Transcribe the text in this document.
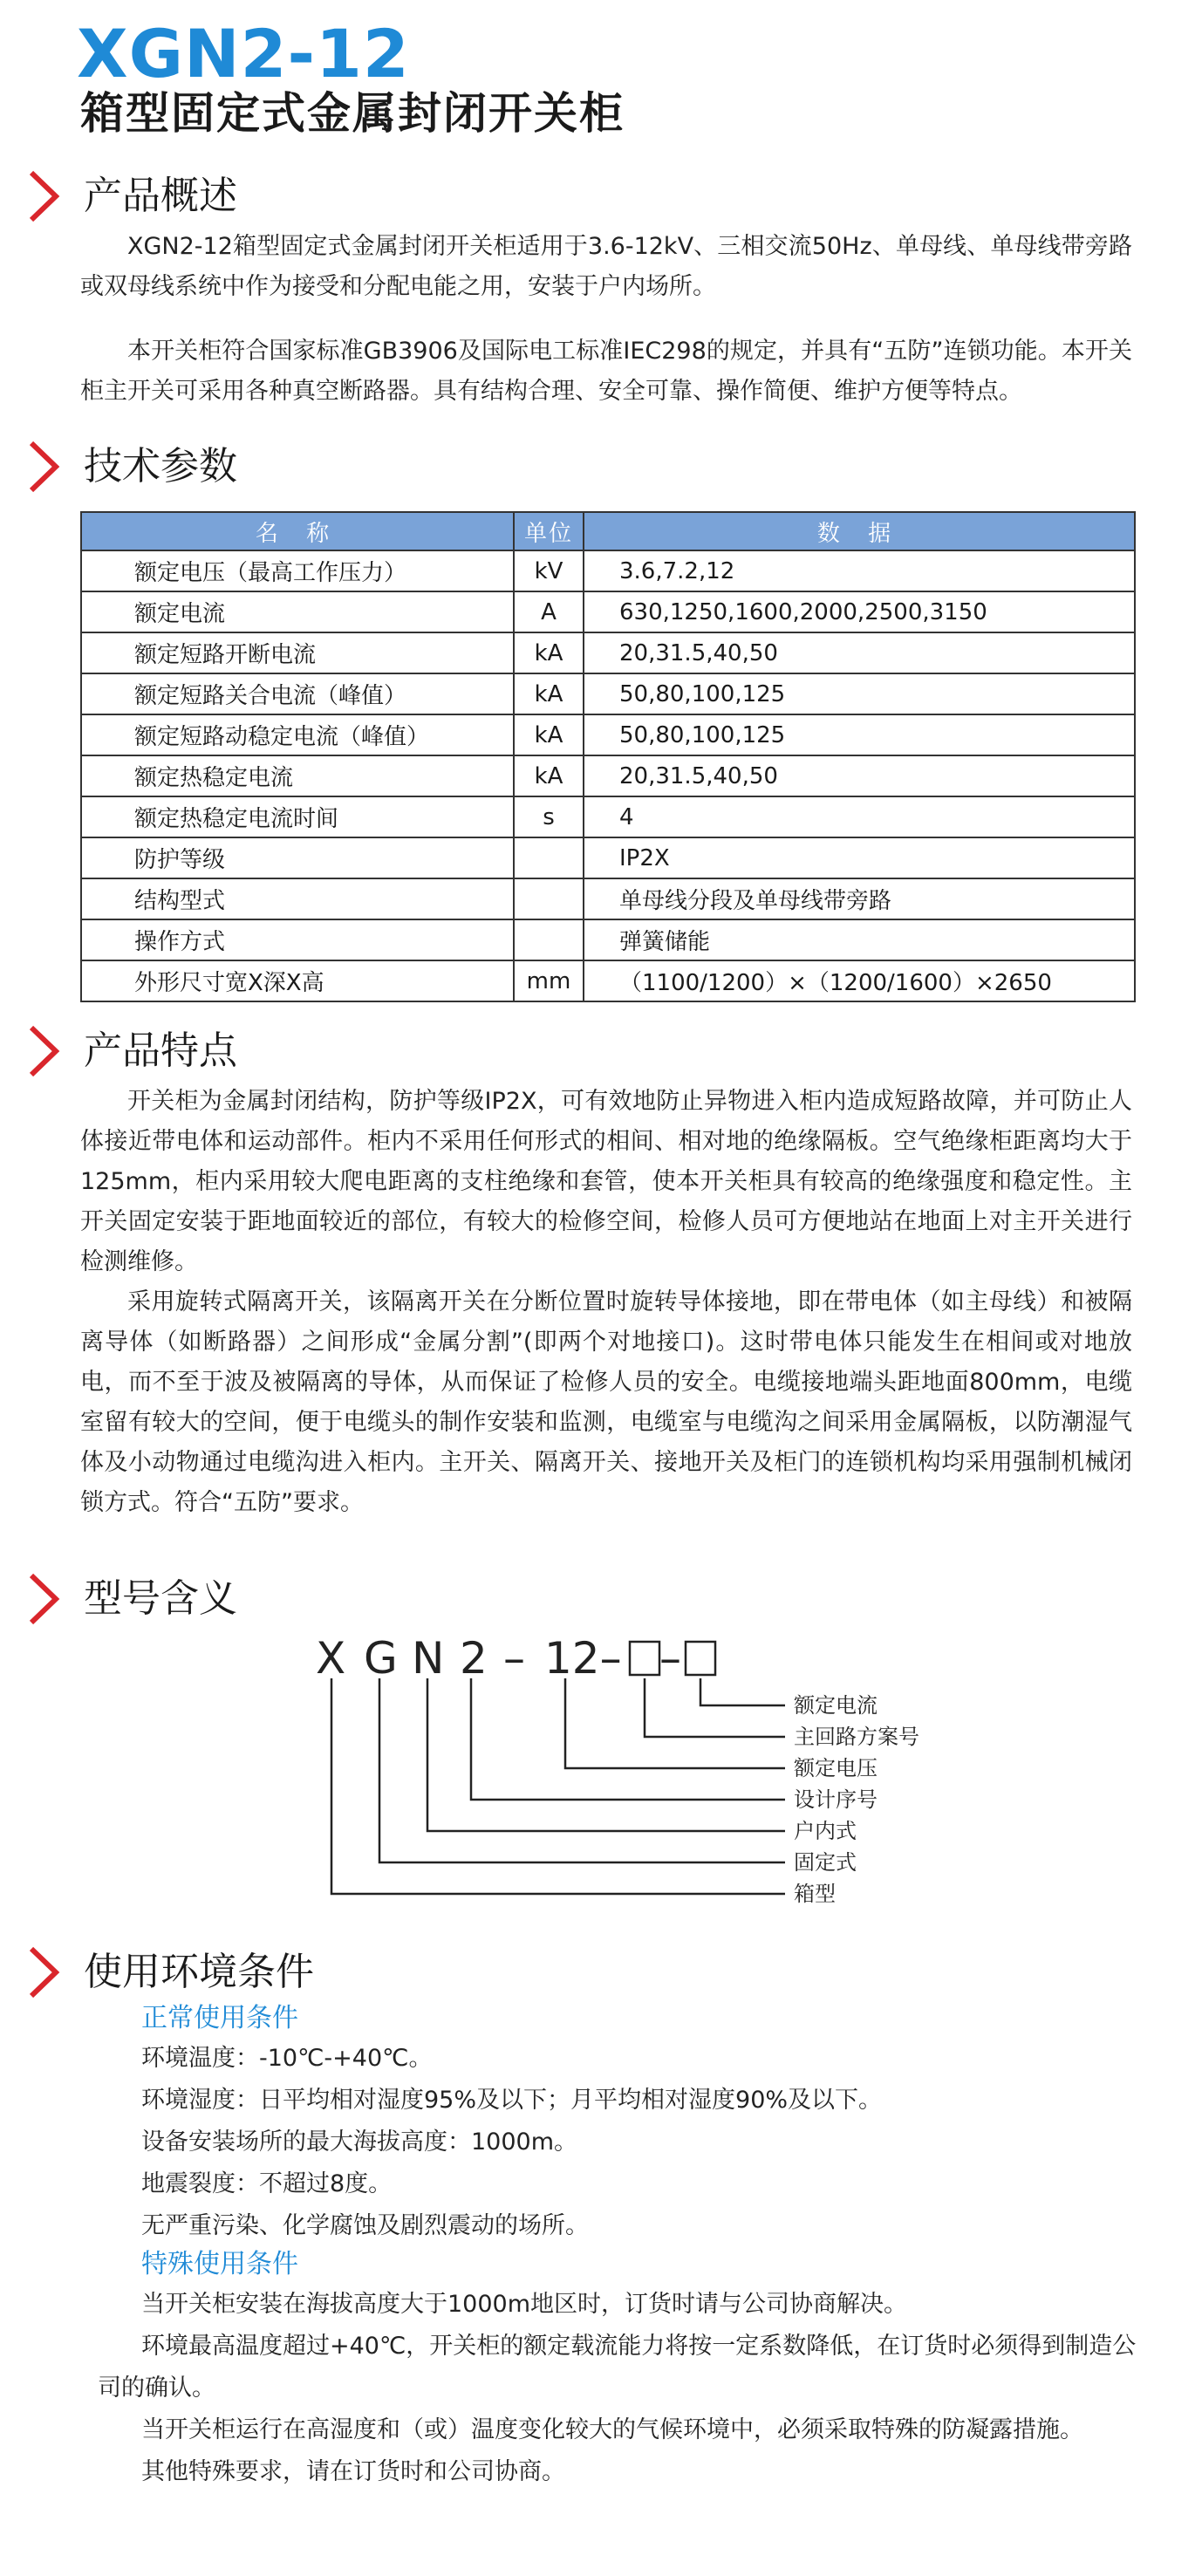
XGN2-12
箱型固定式金属封闭开关柜
产品概述
XGN2-12箱型固定式金属封闭开关柜适用于3.6-12kV、三相交流50Hz、单母线、单母线带旁路或双母线系统中作为接受和分配电能之用，安装于户内场所。
本开关柜符合国家标准GB3906及国际电工标准IEC298的规定，并具有“五防”连锁功能。本开关柜主开关可采用各种真空断路器。具有结构合理、安全可靠、操作简便、维护方便等特点。
技术参数
名 称	单位	数 据
额定电压（最高工作压力）	kV	3.6,7.2,12
额定电流	A	630,1250,1600,2000,2500,3150
额定短路开断电流	kA	20,31.5,40,50
额定短路关合电流（峰值）	kA	50,80,100,125
额定短路动稳定电流（峰值）	kA	50,80,100,125
额定热稳定电流	kA	20,31.5,40,50
额定热稳定电流时间	s	4
防护等级		IP2X
结构型式		单母线分段及单母线带旁路
操作方式		弹簧储能
外形尺寸宽X深X高	mm	（1100/1200）×（1200/1600）×2650
产品特点
开关柜为金属封闭结构，防护等级IP2X，可有效地防止异物进入柜内造成短路故障，并可防止人体接近带电体和运动部件。柜内不采用任何形式的相间、相对地的绝缘隔板。空气绝缘柜距离均大于125mm，柜内采用较大爬电距离的支柱绝缘和套管，使本开关柜具有较高的绝缘强度和稳定性。主开关固定安装于距地面较近的部位，有较大的检修空间，检修人员可方便地站在地面上对主开关进行检测维修。
采用旋转式隔离开关，该隔离开关在分断位置时旋转导体接地，即在带电体（如主母线）和被隔离导体（如断路器）之间形成“金属分割”(即两个对地接口)。这时带电体只能发生在相间或对地放电，而不至于波及被隔离的导体，从而保证了检修人员的安全。电缆接地端头距地面800mm，电缆室留有较大的空间，便于电缆头的制作安装和监测，电缆室与电缆沟之间采用金属隔板，以防潮湿气体及小动物通过电缆沟进入柜内。主开关、隔离开关、接地开关及柜门的连锁机构均采用强制机械闭锁方式。符合“五防”要求。
型号含义
X G N 2 – 12– –
额定电流
主回路方案号
额定电压
设计序号
户内式
固定式
箱型
使用环境条件
正常使用条件
环境温度：-10℃-+40℃。
环境湿度：日平均相对湿度95%及以下；月平均相对湿度90%及以下。
设备安装场所的最大海拔高度：1000m。
地震裂度：不超过8度。
无严重污染、化学腐蚀及剧烈震动的场所。
特殊使用条件
当开关柜安装在海拔高度大于1000m地区时，订货时请与公司协商解决。
环境最高温度超过+40℃，开关柜的额定载流能力将按一定系数降低，在订货时必须得到制造公司的确认。
当开关柜运行在高湿度和（或）温度变化较大的气候环境中，必须采取特殊的防凝露措施。
其他特殊要求，请在订货时和公司协商。
